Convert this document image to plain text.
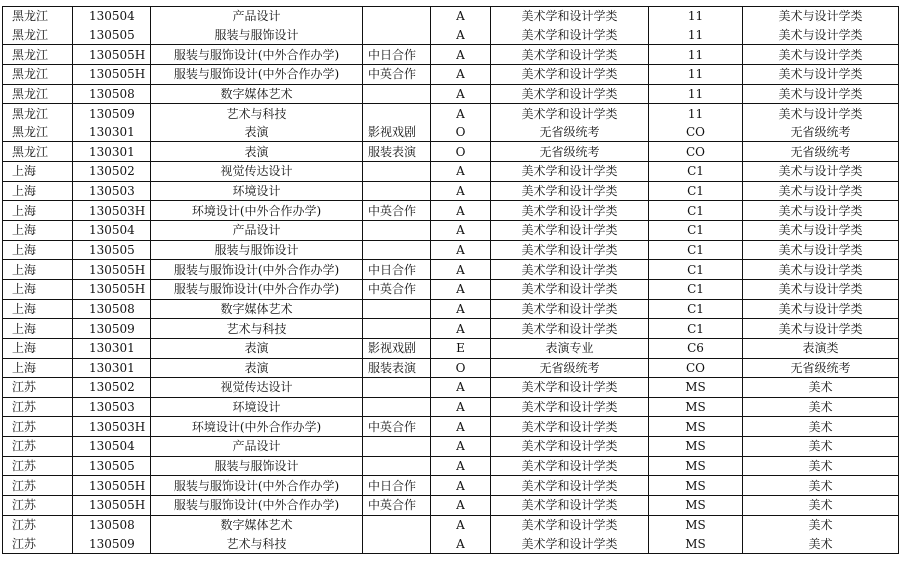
黑龙江	130504	产品设计		A	美术学和设计学类	11	美术与设计学类
黑龙江	130505	服装与服饰设计		A	美术学和设计学类	11	美术与设计学类
黑龙江	130505H	服装与服饰设计(中外合作办学)	中日合作	A	美术学和设计学类	11	美术与设计学类
黑龙江	130505H	服装与服饰设计(中外合作办学)	中英合作	A	美术学和设计学类	11	美术与设计学类
黑龙江	130508	数字媒体艺术		A	美术学和设计学类	11	美术与设计学类
黑龙江	130509	艺术与科技		A	美术学和设计学类	11	美术与设计学类
黑龙江	130301	表演	影视戏剧	O	无省级统考	CO	无省级统考
黑龙江	130301	表演	服装表演	O	无省级统考	CO	无省级统考
上海	130502	视觉传达设计		A	美术学和设计学类	C1	美术与设计学类
上海	130503	环境设计		A	美术学和设计学类	C1	美术与设计学类
上海	130503H	环境设计(中外合作办学)	中英合作	A	美术学和设计学类	C1	美术与设计学类
上海	130504	产品设计		A	美术学和设计学类	C1	美术与设计学类
上海	130505	服装与服饰设计		A	美术学和设计学类	C1	美术与设计学类
上海	130505H	服装与服饰设计(中外合作办学)	中日合作	A	美术学和设计学类	C1	美术与设计学类
上海	130505H	服装与服饰设计(中外合作办学)	中英合作	A	美术学和设计学类	C1	美术与设计学类
上海	130508	数字媒体艺术		A	美术学和设计学类	C1	美术与设计学类
上海	130509	艺术与科技		A	美术学和设计学类	C1	美术与设计学类
上海	130301	表演	影视戏剧	E	表演专业	C6	表演类
上海	130301	表演	服装表演	O	无省级统考	CO	无省级统考
江苏	130502	视觉传达设计		A	美术学和设计学类	MS	美术
江苏	130503	环境设计		A	美术学和设计学类	MS	美术
江苏	130503H	环境设计(中外合作办学)	中英合作	A	美术学和设计学类	MS	美术
江苏	130504	产品设计		A	美术学和设计学类	MS	美术
江苏	130505	服装与服饰设计		A	美术学和设计学类	MS	美术
江苏	130505H	服装与服饰设计(中外合作办学)	中日合作	A	美术学和设计学类	MS	美术
江苏	130505H	服装与服饰设计(中外合作办学)	中英合作	A	美术学和设计学类	MS	美术
江苏	130508	数字媒体艺术		A	美术学和设计学类	MS	美术
江苏	130509	艺术与科技		A	美术学和设计学类	MS	美术
